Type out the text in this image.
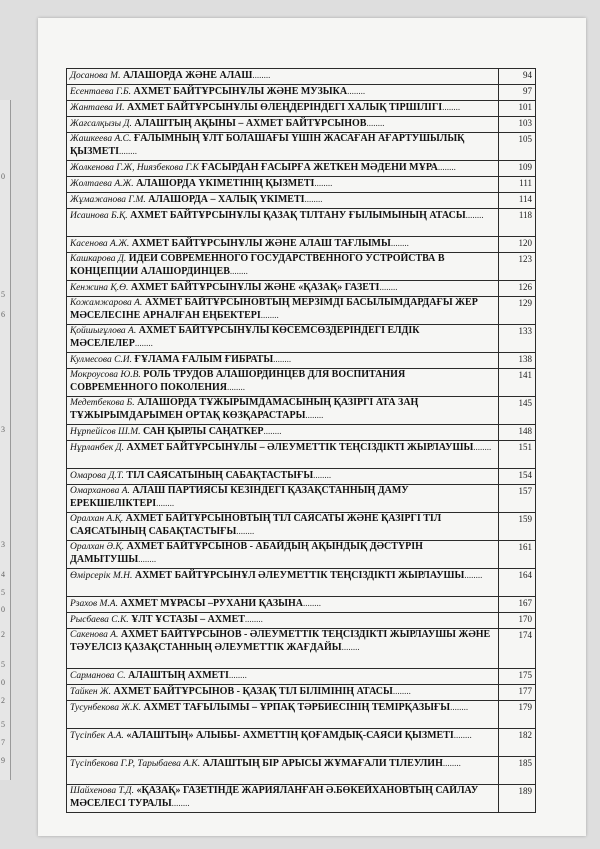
0
5
6
3
3
4
5
0
2
5
0
2
5
7
9
Досанова М. АЛАШОРДА ЖӘНЕ АЛАШ........	94
Есентаева Г.Б. АХМЕТ БАЙТҰРСЫНҰЛЫ ЖӘНЕ МУЗЫКА........	97
Жантаева И. АХМЕТ БАЙТҰРСЫНҰЛЫ ӨЛЕҢДЕРІНДЕГІ ХАЛЫҚ ТІРШІЛІГІ........	101
Жағсалқызы Д. АЛАШТЫҢ АҚЫНЫ – АХМЕТ БАЙТҰРСЫНОВ........	103
Жашкеева А.С. ҒАЛЫМНЫҢ ҰЛТ БОЛАШАҒЫ ҮШІН ЖАСАҒАН АҒАРТУШЫЛЫҚ ҚЫЗМЕТІ........	105
Жолкенова Г.Ж, Ниязбекова Г.К ҒАСЫРДАН ҒАСЫРҒА ЖЕТКЕН МӘДЕНИ МҰРА........	109
Жолтаева А.Ж. АЛАШОРДА ҮКІМЕТІНІҢ ҚЫЗМЕТІ........	111
Жұмажанова Г.М. АЛАШОРДА – ХАЛЫҚ ҮКІМЕТІ........	114
Исаинова Б.Қ. АХМЕТ БАЙТҰРСЫНҰЛЫ ҚАЗАҚ ТІЛТАНУ ҒЫЛЫМЫНЫҢ АТАСЫ........	118
Касенова А.Ж. АХМЕТ БАЙТҰРСЫНҰЛЫ ЖӘНЕ АЛАШ ТАҒЛЫМЫ........	120
Кашкарова Д. ИДЕИ СОВРЕМЕННОГО ГОСУДАРСТВЕННОГО УСТРОЙСТВА В КОНЦЕПЦИИ АЛАШОРДИНЦЕВ........	123
Кенжина Қ.Ө. АХМЕТ БАЙТҰРСЫНҰЛЫ ЖӘНЕ «ҚАЗАҚ» ГАЗЕТІ........	126
Кожамжарова А. АХМЕТ БАЙТҰРСЫНОВТЫҢ МЕРЗІМДІ БАСЫЛЫМДАРДАҒЫ ЖЕР МӘСЕЛЕСІНЕ АРНАЛҒАН ЕҢБЕКТЕРІ........	129
Қойшығұлова А. АХМЕТ БАЙТҰРСЫНҰЛЫ КӨСЕМСӨЗДЕРІНДЕГІ ЕЛДІК МӘСЕЛЕЛЕР........	133
Кулмесова С.И. ҒҰЛАМА ҒАЛЫМ ҒИБРАТЫ........	138
Мокроусова Ю.В. РОЛЬ ТРУДОВ АЛАШОРДИНЦЕВ ДЛЯ ВОСПИТАНИЯ СОВРЕМЕННОГО ПОКОЛЕНИЯ........	141
Медетбекова Б. АЛАШОРДА ТҰЖЫРЫМДАМАСЫНЫҢ ҚАЗІРГІ АТА ЗАҢ ТҰЖЫРЫМДАРЫМЕН ОРТАҚ КӨЗҚАРАСТАРЫ........	145
Нұрпейісов Ш.М. САН ҚЫРЛЫ САҢАТКЕР........	148
Нұрланбек Д. АХМЕТ БАЙТҰРСЫНҰЛЫ – ӘЛЕУМЕТТІК ТЕҢСІЗДІКТІ ЖЫРЛАУШЫ........	151
Омарова Д.Т. ТІЛ САЯСАТЫНЫҢ САБАҚТАСТЫҒЫ........	154
Омарханова А. АЛАШ ПАРТИЯСЫ КЕЗІНДЕГІ ҚАЗАҚСТАННЫҢ ДАМУ ЕРЕКШЕЛІКТЕРІ........	157
Оралхан А.Қ. АХМЕТ БАЙТҰРСЫНОВТЫҢ ТІЛ САЯСАТЫ ЖӘНЕ ҚАЗІРГІ ТІЛ САЯСАТЫНЫҢ САБАҚТАСТЫҒЫ........	159
Оралхан Ә.Қ. АХМЕТ БАЙТҰРСЫНОВ - АБАЙДЫҢ АҚЫНДЫҚ ДӘСТҮРІН ДАМЫТУШЫ........	161
Өмірсерік М.Н. АХМЕТ БАЙТҰРСЫНҰЛ ӘЛЕУМЕТТІК ТЕҢСІЗДІКТІ ЖЫРЛАУШЫ........	164
Рзахов М.А. АХМЕТ МҰРАСЫ –РУХАНИ ҚАЗЫНА........	167
Рысбаева С.К. ҰЛТ ҰСТАЗЫ – АХМЕТ........	170
Сакенова А. АХМЕТ БАЙТҰРСЫНОВ - ӘЛЕУМЕТТІК ТЕҢСІЗДІКТІ ЖЫРЛАУШЫ ЖӘНЕ ТӘУЕЛСІЗ ҚАЗАҚСТАННЫҢ ӘЛЕУМЕТТІК ЖАҒДАЙЫ........	174
Сарманова С. АЛАШТЫҢ АХМЕТІ........	175
Тайкен Ж. АХМЕТ БАЙТҰРСЫНОВ - ҚАЗАҚ ТІЛ БІЛІМІНІҢ АТАСЫ........	177
Тусунбекова Ж.К. АХМЕТ ТАҒЫЛЫМЫ – ҰРПАҚ ТӘРБИЕСІНІҢ ТЕМІРҚАЗЫҒЫ........	179
Түсіпбек А.А. «АЛАШТЫҢ» АЛЫБЫ- АХМЕТТІҢ ҚОҒАМДЫҚ-САЯСИ ҚЫЗМЕТІ........	182
Түсіпбекова Г.Р, Тарыбаева А.К. АЛАШТЫҢ БІР АРЫСЫ ЖҰМАҒАЛИ ТІЛЕУЛИН........	185
Шайхенова Т.Д. «ҚАЗАҚ» ГАЗЕТІНДЕ ЖАРИЯЛАНҒАН Ә.БӨКЕЙХАНОВТЫҢ САЙЛАУ МӘСЕЛЕСІ ТУРАЛЫ........	189
